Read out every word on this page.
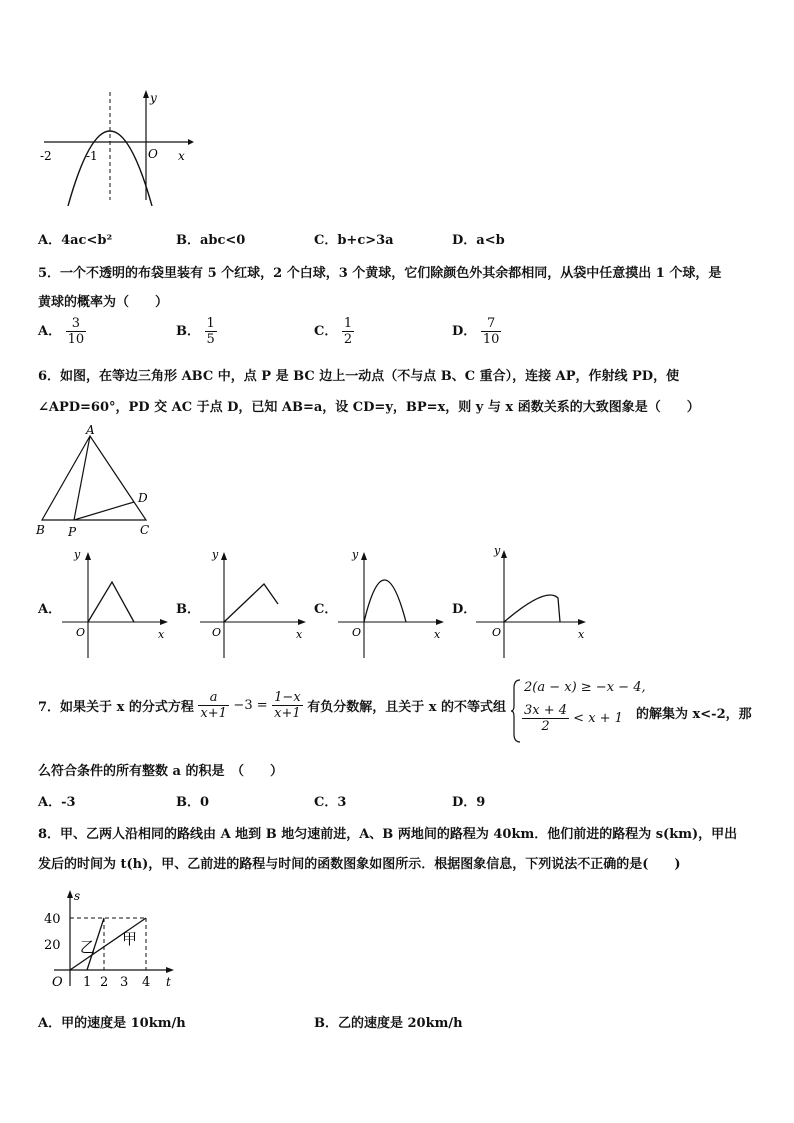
y
x
O
-2	-1
A．4ac<b²	B．abc<0	C．b+c>3a	D．a<b
5．一个不透明的布袋里装有 5 个红球，2 个白球，3 个黄球，它们除颜色外其余都相同，从袋中任意摸出 1 个球，是
黄球的概率为（　　）
A． $\frac{3}{10}$	B． $\frac{1}{5}$	C． $\frac{1}{2}$	D． $\frac{7}{10}$
6．如图，在等边三角形 ABC 中，点 P 是 BC 边上一动点（不与点 B、C 重合），连接 AP，作射线 PD，使
∠APD=60°，PD 交 AC 于点 D，已知 AB=a，设 CD=y，BP=x，则 y 与 x 函数关系的大致图象是（　　）
A
B	C
D
P
A．
y
O	x
B．
y
O	x
C．
y
O	x
D．
y
O	x
7．如果关于 x 的分式方程 $\frac{a}{x+1} -3 = \frac{1-x}{x+1}$ 有负分数解，且关于 x 的不等式组
2(a − x) ≥ −x − 4,
$\frac{3x + 4}{2} < x + 1$ 的解集为 x<-2，那
么符合条件的所有整数 a 的积是　（　　）
A．-3	B．0	C．3	D．9
8．甲、乙两人沿相同的路线由 A 地到 B 地匀速前进，A、B 两地间的路程为 40km．他们前进的路程为 s(km)，甲出
发后的时间为 t(h)，甲、乙前进的路程与时间的函数图象如图所示．根据图象信息，下列说法不正确的是(　　)
s
t
O
40
20
1 2 3 4
乙 甲
A．甲的速度是 10km/h	B．乙的速度是 20km/h
